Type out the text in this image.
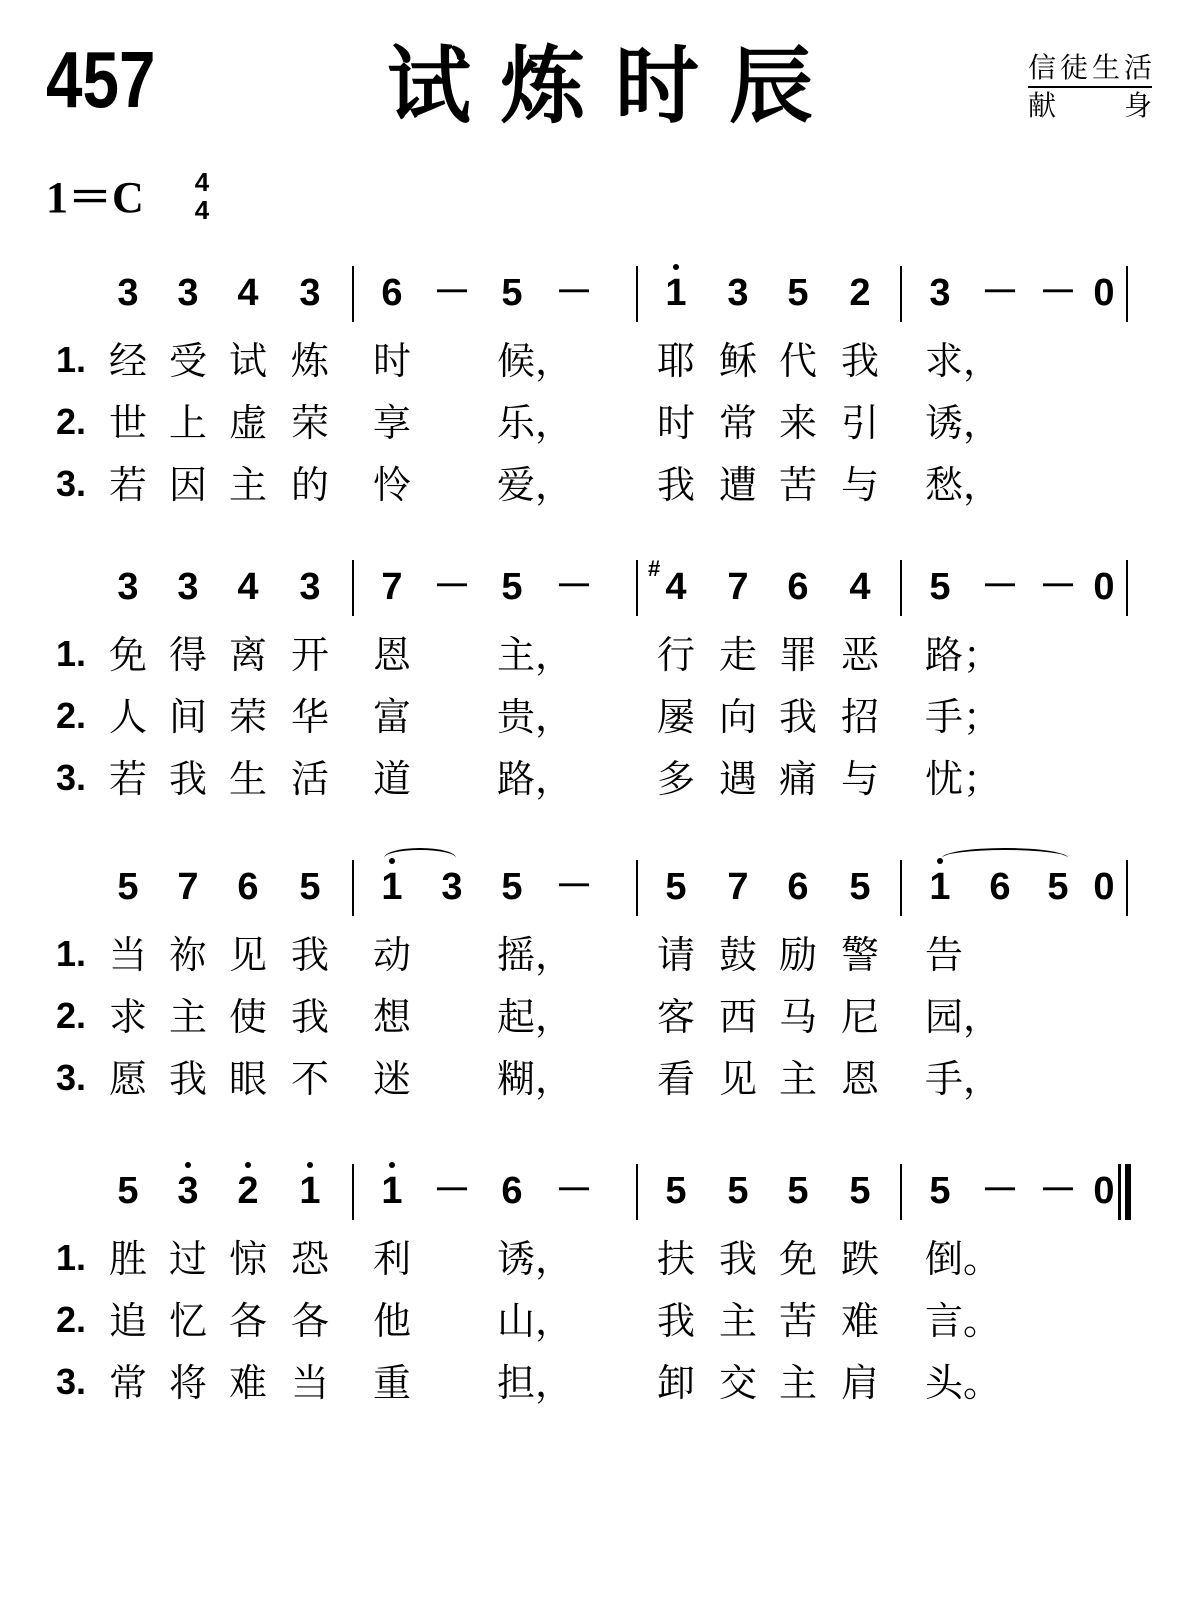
457	试炼时辰	信徒生活
献　身
1＝C 4
4
3 3 4 3 6 － 5 － 1 3 5 2 3 － － 0
1. 经 受 试 炼 时 候，	耶 稣 代 我 求，
2. 世 上 虚 荣 享 乐，	时 常 来 引 诱，
3. 若 因 主 的 怜 爱，	我 遭 苦 与 愁，
3 3 4 3 7 － 5 － 4
# 7 6 4 5 － － 0
1. 免 得 离 开 恩 主，	行 走 罪 恶 路；
2. 人 间 荣 华 富 贵，	屡 向 我 招 手；
3. 若 我 生 活 道 路，	多 遇 痛 与 忧；
5 7 6 5 1 3 5 － 5 7 6 5 1 6 5 0
1. 当 祢 见 我 动 摇，	请 鼓 励 警 告
2. 求 主 使 我 想 起，	客 西 马 尼 园，
3. 愿 我 眼 不 迷 糊，	看 见 主 恩 手，
5 3 2 1 1 － 6 － 5 5 5 5 5 － － 0
1. 胜 过 惊 恐 利 诱，	扶 我 免 跌 倒。
2. 追 忆 各 各 他 山，	我 主 苦 难 言。
3. 常 将 难 当 重 担，	卸 交 主 肩 头。
